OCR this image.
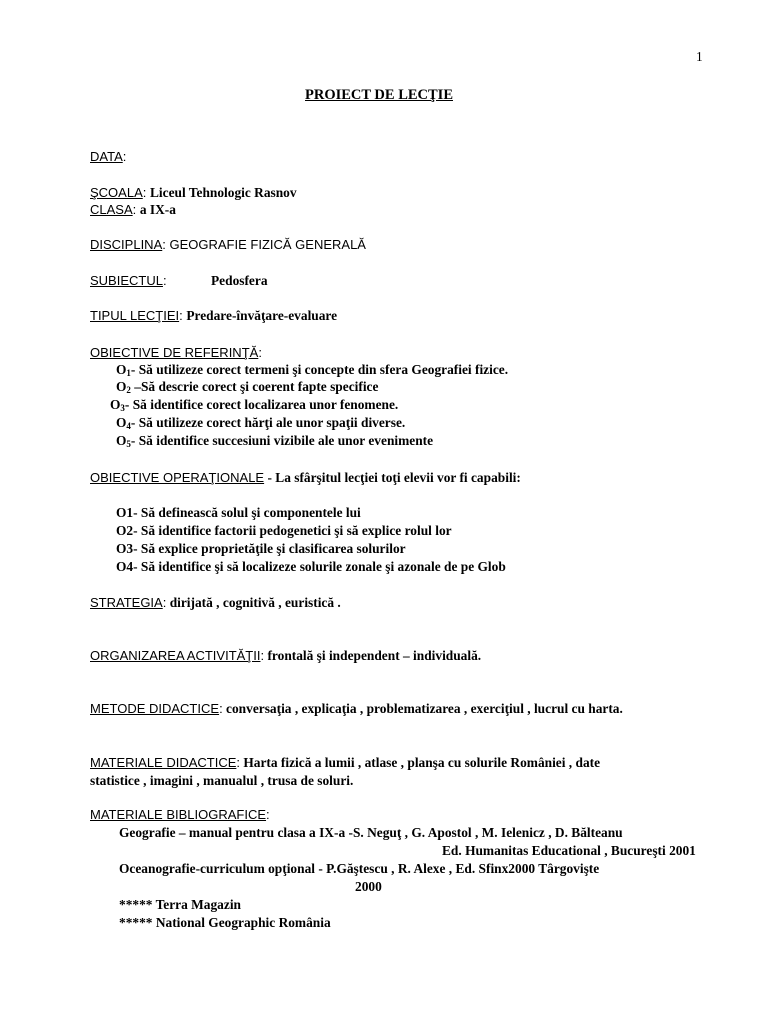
1
PROIECT DE LECŢIE
DATA:
ŞCOALA: Liceul Tehnologic Rasnov
CLASA: a IX-a
DISCIPLINA: GEOGRAFIE FIZICĂ GENERALĂ
SUBIECTUL:	Pedosfera
TIPUL LECŢIEI: Predare-învăţare-evaluare
OBIECTIVE DE REFERINŢĂ:
$O_1-$ Să utilizeze corect termeni şi concepte din sfera Geografiei fizice.
$O_2$ –Să descrie corect şi coerent fapte specifice
$O_3-$ Să identifice corect localizarea unor fenomene.
$O_4-$ Să utilizeze corect hărţi ale unor spaţii diverse.
$O_5-$ Să identifice succesiuni vizibile ale unor evenimente
OBIECTIVE OPERAŢIONALE - La sfârşitul lecţiei toţi elevii vor fi capabili:
O1- Să definească solul şi componentele lui
O2- Să identifice factorii pedogenetici şi să explice rolul lor
O3- Să explice proprietăţile şi clasificarea solurilor
O4- Să identifice şi să localizeze solurile zonale şi azonale de pe Glob
STRATEGIA: dirijată , cognitivă , euristică .
ORGANIZAREA ACTIVITĂŢII: frontală şi independent – individuală.
METODE DIDACTICE: conversaţia , explicaţia , problematizarea , exerciţiul , lucrul cu harta.
MATERIALE DIDACTICE: Harta fizică a lumii , atlase , planşa cu solurile României , date
statistice , imagini , manualul , trusa de soluri.
MATERIALE BIBLIOGRAFICE:
Geografie – manual pentru clasa a IX-a -S. Neguţ , G. Apostol , M. Ielenicz , D. Bălteanu
Ed. Humanitas Educational , Bucureşti 2001
Oceanografie-curriculum opţional - P.Găştescu , R. Alexe , Ed. Sfinx2000 Târgovişte
2000
***** Terra Magazin
***** National Geographic România
